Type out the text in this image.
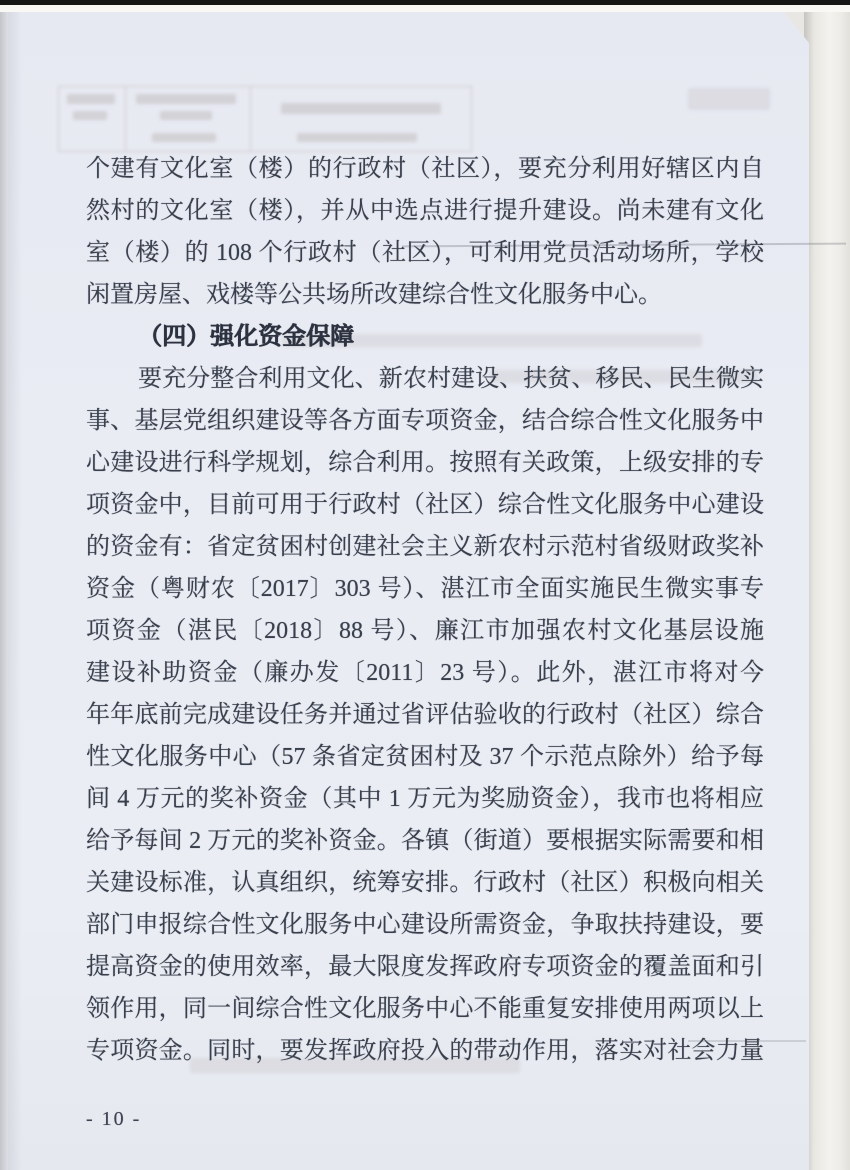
个建有文化室（楼）的行政村（社区），要充分利用好辖区内自
然村的文化室（楼），并从中选点进行提升建设。尚未建有文化
室（楼）的 108 个行政村（社区），可利用党员活动场所，学校
闲置房屋、戏楼等公共场所改建综合性文化服务中心。
（四）强化资金保障
要充分整合利用文化、新农村建设、扶贫、移民、民生微实
事、基层党组织建设等各方面专项资金，结合综合性文化服务中
心建设进行科学规划，综合利用。按照有关政策，上级安排的专
项资金中，目前可用于行政村（社区）综合性文化服务中心建设
的资金有：省定贫困村创建社会主义新农村示范村省级财政奖补
资金（粤财农〔2017〕303 号）、湛江市全面实施民生微实事专
项资金（湛民〔2018〕88 号）、廉江市加强农村文化基层设施
建设补助资金（廉办发〔2011〕23 号）。此外，湛江市将对今
年年底前完成建设任务并通过省评估验收的行政村（社区）综合
性文化服务中心（57 条省定贫困村及 37 个示范点除外）给予每
间 4 万元的奖补资金（其中 1 万元为奖励资金），我市也将相应
给予每间 2 万元的奖补资金。各镇（街道）要根据实际需要和相
关建设标准，认真组织，统筹安排。行政村（社区）积极向相关
部门申报综合性文化服务中心建设所需资金，争取扶持建设，要
提高资金的使用效率，最大限度发挥政府专项资金的覆盖面和引
领作用，同一间综合性文化服务中心不能重复安排使用两项以上
专项资金。同时，要发挥政府投入的带动作用，落实对社会力量
- 10 -
